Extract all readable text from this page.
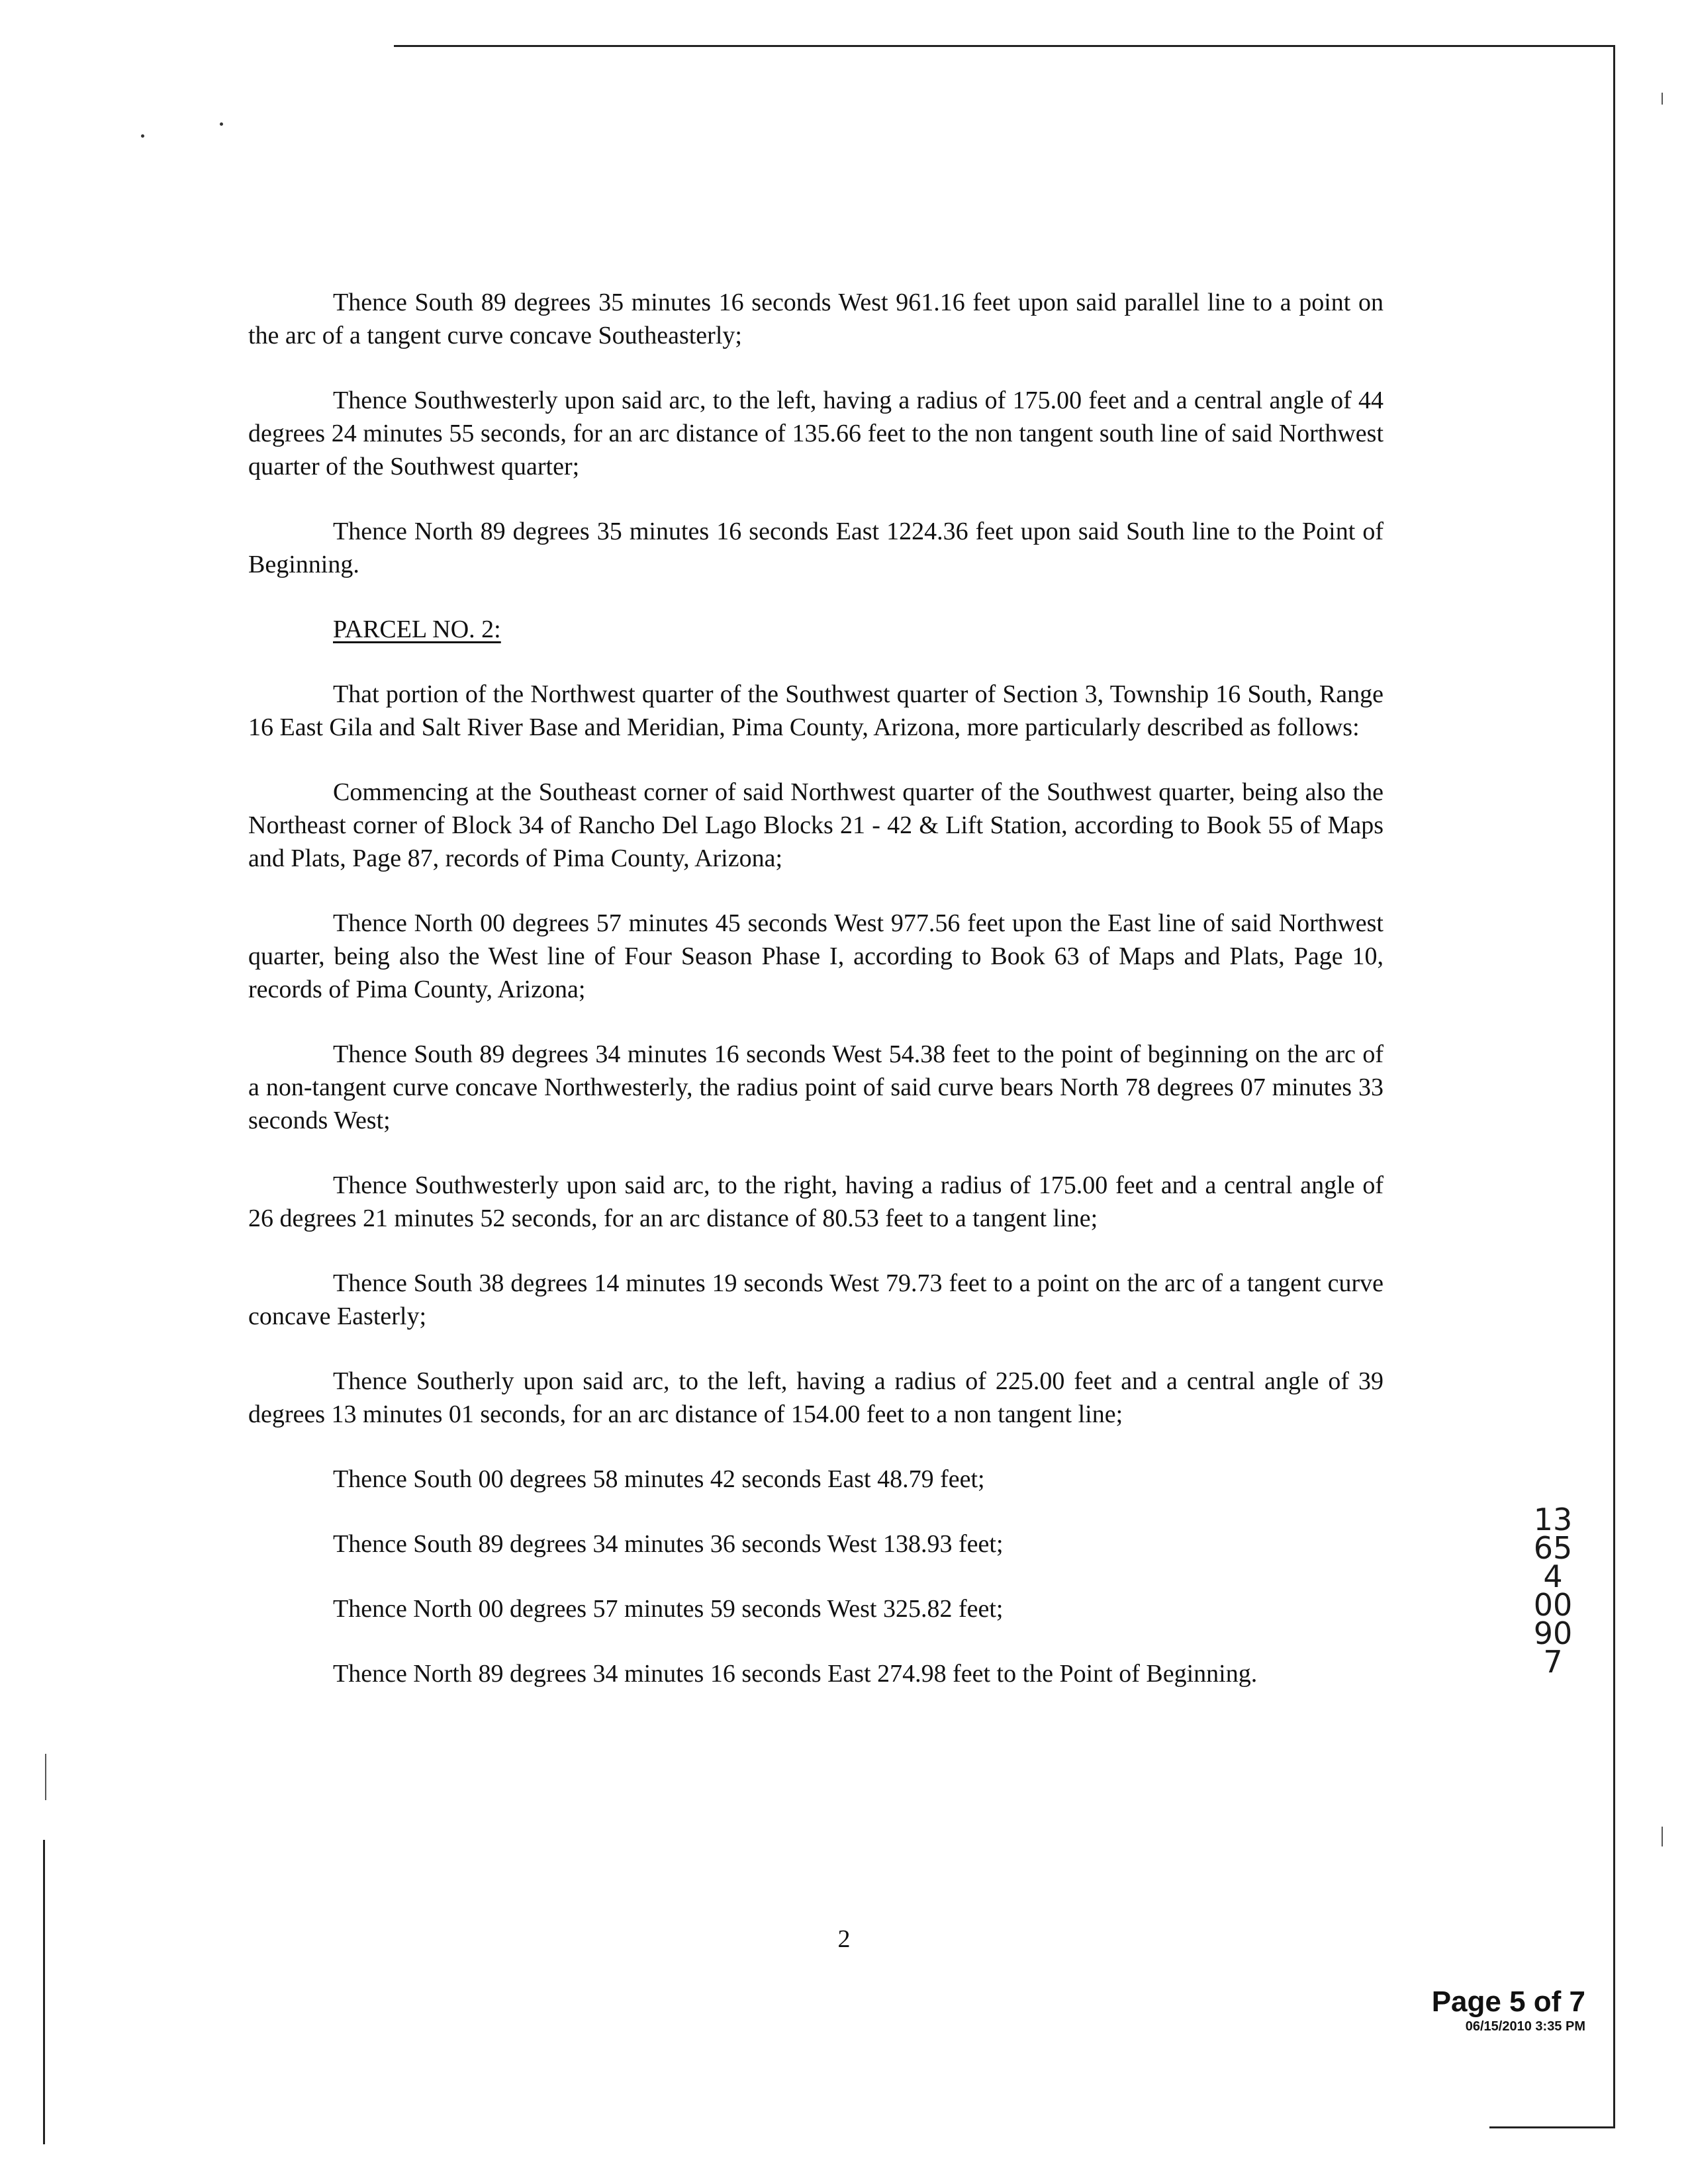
Thence South 89 degrees 35 minutes 16 seconds West 961.16 feet upon said parallel line to a point on the arc of a tangent curve concave Southeasterly;

Thence Southwesterly upon said arc, to the left, having a radius of 175.00 feet and a central angle of 44 degrees 24 minutes 55 seconds, for an arc distance of 135.66 feet to the non tangent south line of said Northwest quarter of the Southwest quarter;

Thence North 89 degrees 35 minutes 16 seconds East 1224.36 feet upon said South line to the Point of Beginning.

PARCEL NO. 2:

That portion of the Northwest quarter of the Southwest quarter of Section 3, Township 16 South, Range 16 East Gila and Salt River Base and Meridian, Pima County, Arizona, more particularly described as follows:

Commencing at the Southeast corner of said Northwest quarter of the Southwest quarter, being also the Northeast corner of Block 34 of Rancho Del Lago Blocks 21 - 42 & Lift Station, according to Book 55 of Maps and Plats, Page 87, records of Pima County, Arizona;

Thence North 00 degrees 57 minutes 45 seconds West 977.56 feet upon the East line of said Northwest quarter, being also the West line of Four Season Phase I, according to Book 63 of Maps and Plats, Page 10, records of Pima County, Arizona;

Thence South 89 degrees 34 minutes 16 seconds West 54.38 feet to the point of beginning on the arc of a non-tangent curve concave Northwesterly, the radius point of said curve bears North 78 degrees 07 minutes 33 seconds West;

Thence Southwesterly upon said arc, to the right, having a radius of 175.00 feet and a central angle of 26 degrees 21 minutes 52 seconds, for an arc distance of 80.53 feet to a tangent line;

Thence South 38 degrees 14 minutes 19 seconds West 79.73 feet to a point on the arc of a tangent curve concave Easterly;

Thence Southerly upon said arc, to the left, having a radius of 225.00 feet and a central angle of 39 degrees 13 minutes 01 seconds, for an arc distance of 154.00 feet to a non tangent line;

Thence South 00 degrees 58 minutes 42 seconds East 48.79 feet;

Thence South 89 degrees 34 minutes 36 seconds West 138.93 feet;

Thence North 00 degrees 57 minutes 59 seconds West 325.82 feet;

Thence North 89 degrees 34 minutes 16 seconds East 274.98 feet to the Point of Beginning.

2
13654 00907
Page 5 of 7
06/15/2010 3:35 PM
